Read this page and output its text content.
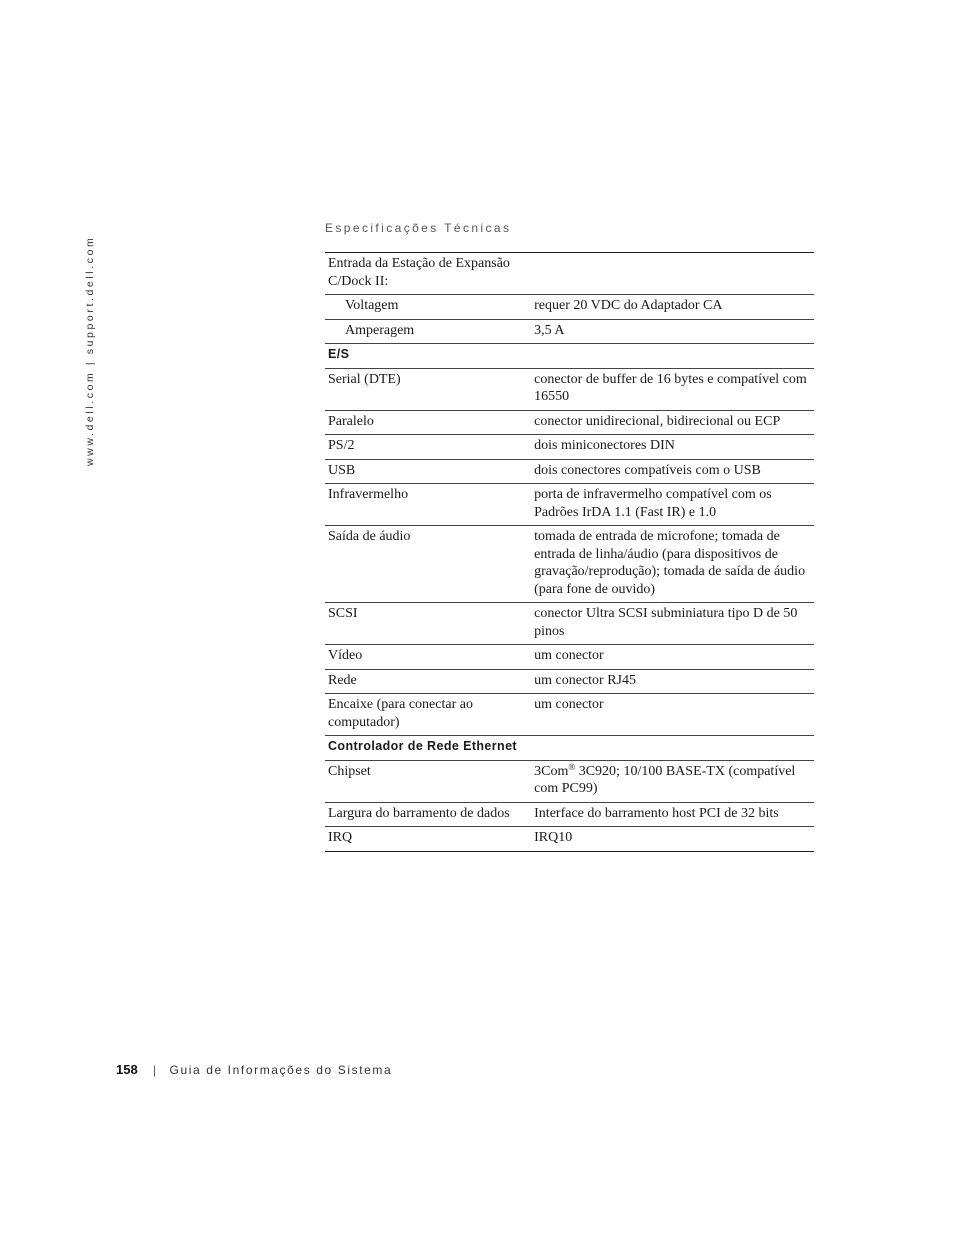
www.dell.com | support.dell.com
Especificações Técnicas
Entrada da Estação de Expansão C/Dock II:	
Voltagem	requer 20 VDC do Adaptador CA
Amperagem	3,5 A
E/S	
Serial (DTE)	conector de buffer de 16 bytes e compatível com 16550
Paralelo	conector unidirecional, bidirecional ou ECP
PS/2	dois miniconectores DIN
USB	dois conectores compatíveis com o USB
Infravermelho	porta de infravermelho compatível com os Padrões IrDA 1.1 (Fast IR) e 1.0
Saída de áudio	tomada de entrada de microfone; tomada de entrada de linha/áudio (para dispositivos de gravação/reprodução); tomada de saída de áudio (para fone de ouvido)
SCSI	conector Ultra SCSI subminiatura tipo D de 50 pinos
Vídeo	um conector
Rede	um conector RJ45
Encaixe (para conectar ao computador)	um conector
Controlador de Rede Ethernet	
Chipset	3Com® 3C920; 10/100 BASE-TX (compatível com PC99)
Largura do barramento de dados	Interface do barramento host PCI de 32 bits
IRQ	IRQ10
158 | Guia de Informações do Sistema
